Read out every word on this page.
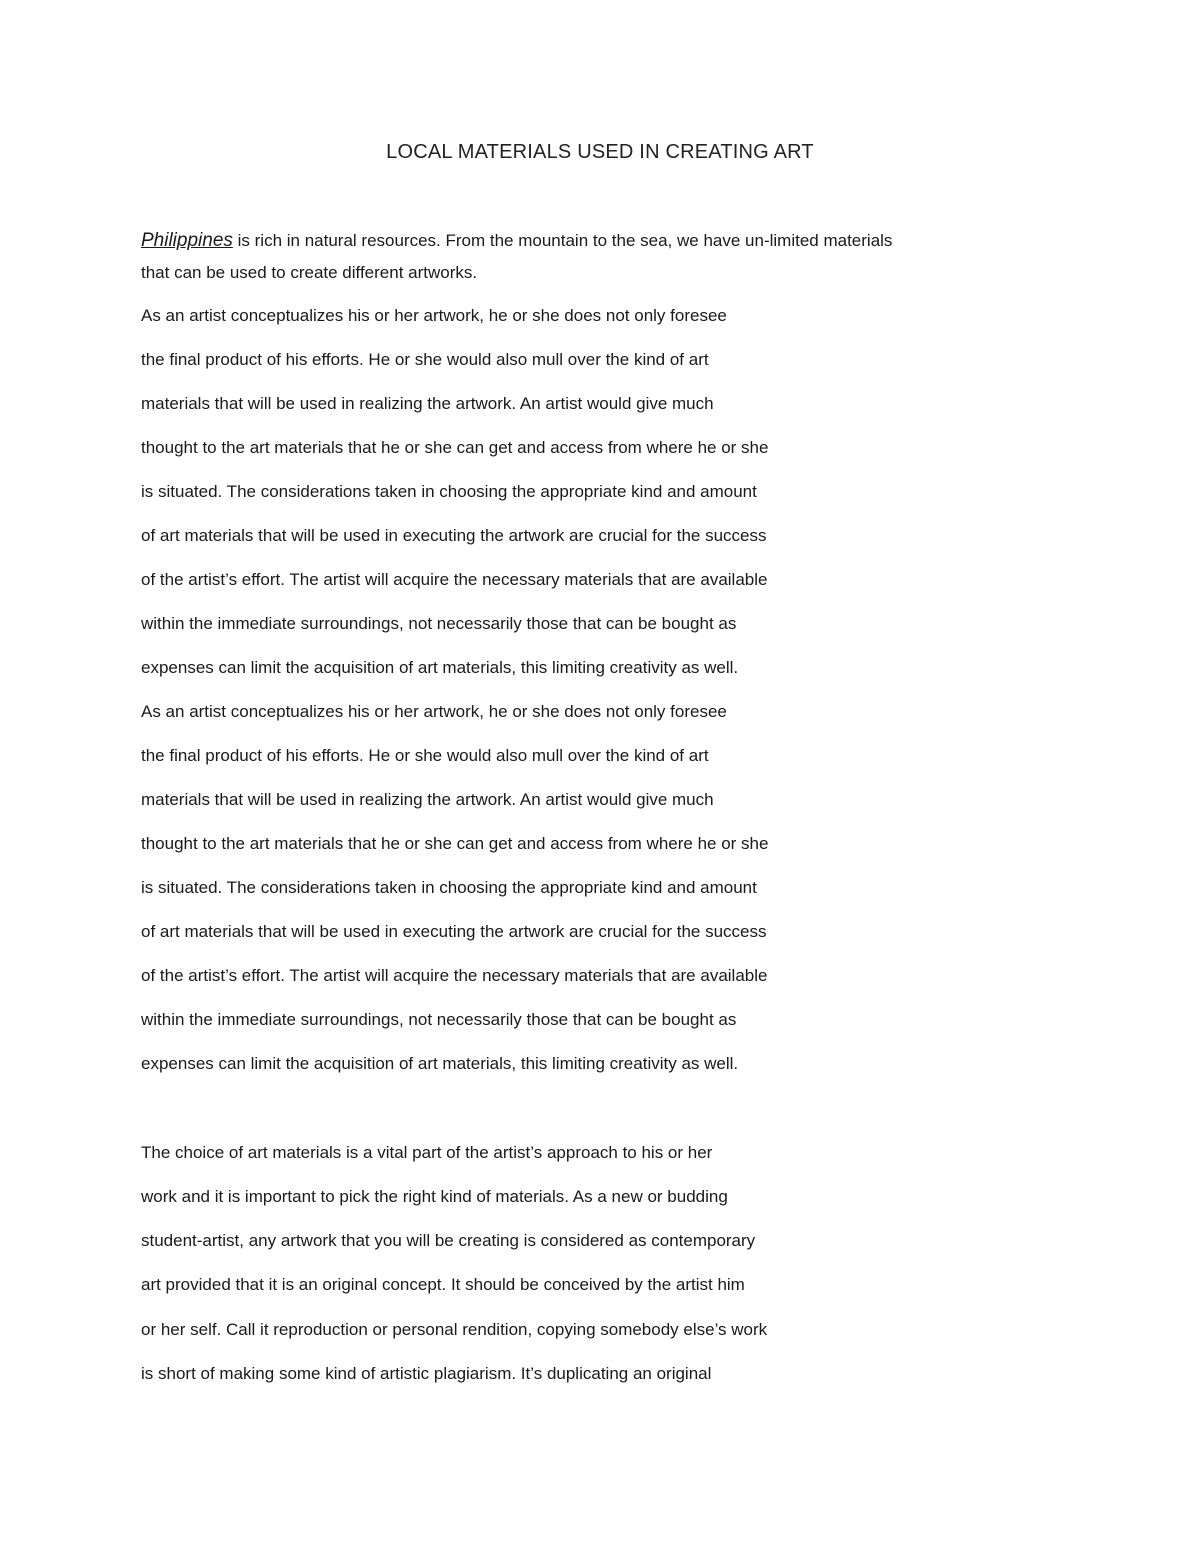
LOCAL MATERIALS USED IN CREATING ART
Philippines is rich in natural resources. From the mountain to the sea, we have un-limited materials
that can be used to create different artworks.
As an artist conceptualizes his or her artwork, he or she does not only foresee
the final product of his efforts. He or she would also mull over the kind of art
materials that will be used in realizing the artwork. An artist would give much
thought to the art materials that he or she can get and access from where he or she
is situated. The considerations taken in choosing the appropriate kind and amount
of art materials that will be used in executing the artwork are crucial for the success
of the artist’s effort. The artist will acquire the necessary materials that are available
within the immediate surroundings, not necessarily those that can be bought as
expenses can limit the acquisition of art materials, this limiting creativity as well.
As an artist conceptualizes his or her artwork, he or she does not only foresee
the final product of his efforts. He or she would also mull over the kind of art
materials that will be used in realizing the artwork. An artist would give much
thought to the art materials that he or she can get and access from where he or she
is situated. The considerations taken in choosing the appropriate kind and amount
of art materials that will be used in executing the artwork are crucial for the success
of the artist’s effort. The artist will acquire the necessary materials that are available
within the immediate surroundings, not necessarily those that can be bought as
expenses can limit the acquisition of art materials, this limiting creativity as well.
The choice of art materials is a vital part of the artist’s approach to his or her
work and it is important to pick the right kind of materials. As a new or budding
student-artist, any artwork that you will be creating is considered as contemporary
art provided that it is an original concept. It should be conceived by the artist him
or her self. Call it reproduction or personal rendition, copying somebody else’s work
is short of making some kind of artistic plagiarism. It’s duplicating an original
